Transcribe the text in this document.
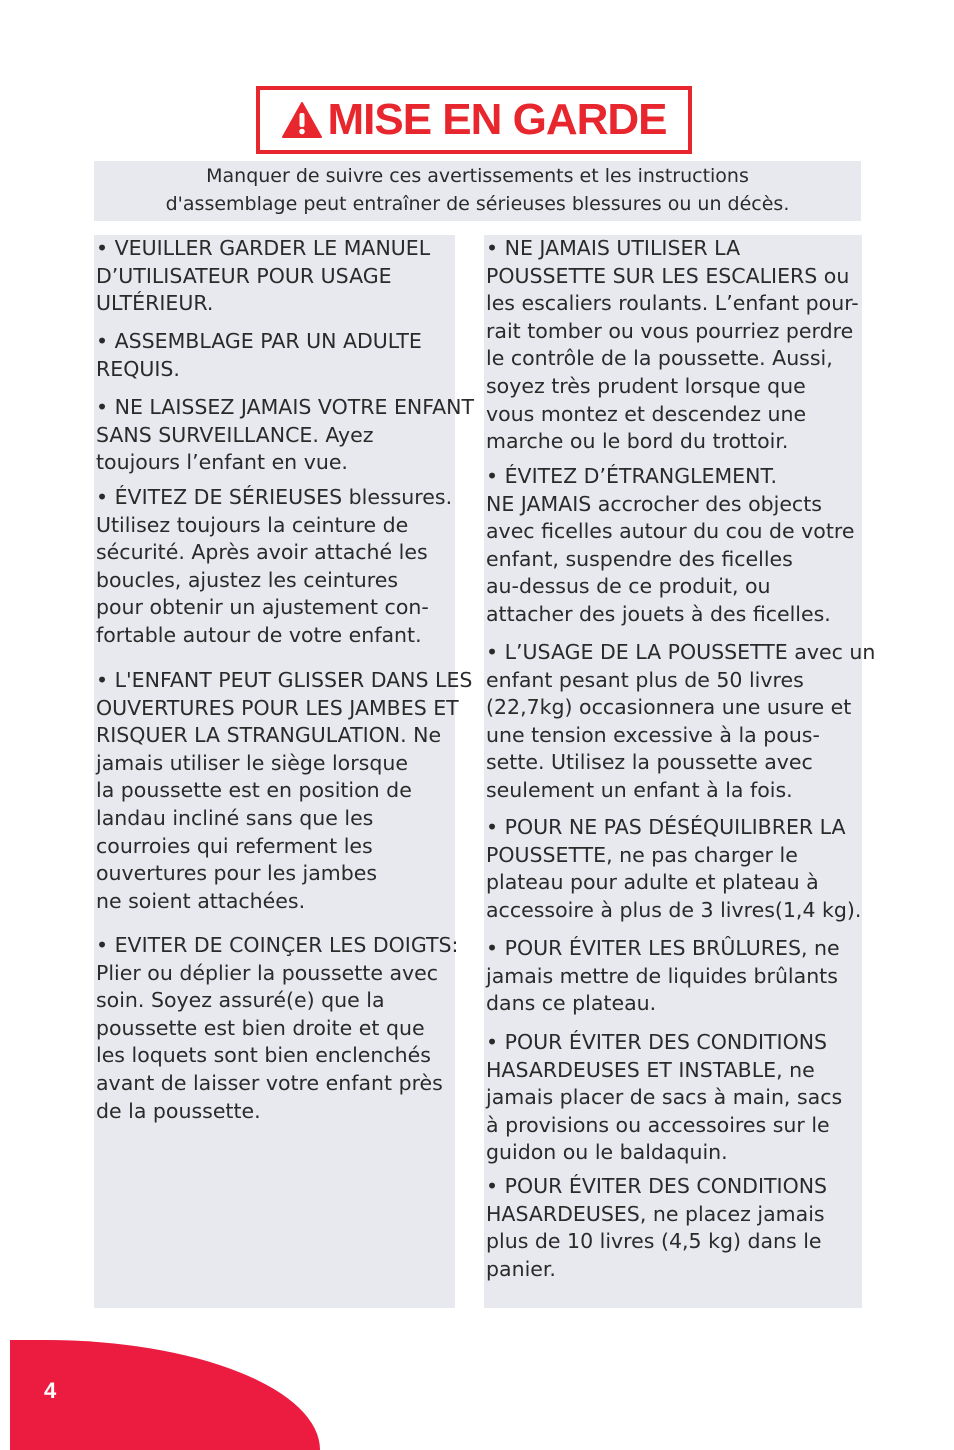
MISE EN GARDE
Manquer de suivre ces avertissements et les instructions
d'assemblage peut entraîner de sérieuses blessures ou un décès.
• VEUILLER GARDER LE MANUEL
D’UTILISATEUR POUR USAGE
ULTÉRIEUR.
• ASSEMBLAGE PAR UN ADULTE
REQUIS.
• NE LAISSEZ JAMAIS VOTRE ENFANT
SANS SURVEILLANCE. Ayez
toujours l’enfant en vue.
• ÉVITEZ DE SÉRIEUSES blessures.
Utilisez toujours la ceinture de
sécurité. Après avoir attaché les
boucles, ajustez les ceintures
pour obtenir un ajustement con-
fortable autour de votre enfant.
• L'ENFANT PEUT GLISSER DANS LES
OUVERTURES POUR LES JAMBES ET
RISQUER LA STRANGULATION. Ne
jamais utiliser le siège lorsque
la poussette est en position de
landau incliné sans que les
courroies qui referment les
ouvertures pour les jambes
ne soient attachées.
• EVITER DE COINÇER LES DOIGTS:
Plier ou déplier la poussette avec
soin. Soyez assuré(e) que la
poussette est bien droite et que
les loquets sont bien enclenchés
avant de laisser votre enfant près
de la poussette.
• NE JAMAIS UTILISER LA
POUSSETTE SUR LES ESCALIERS ou
les escaliers roulants. L’enfant pour-
rait tomber ou vous pourriez perdre
le contrôle de la poussette. Aussi,
soyez très prudent lorsque que
vous montez et descendez une
marche ou le bord du trottoir.
• ÉVITEZ D’ÉTRANGLEMENT.
NE JAMAIS accrocher des objects
avec ficelles autour du cou de votre
enfant, suspendre des ficelles
au-dessus de ce produit, ou
attacher des jouets à des ficelles.
• L’USAGE DE LA POUSSETTE avec un
enfant pesant plus de 50 livres
(22,7kg) occasionnera une usure et
une tension excessive à la pous-
sette. Utilisez la poussette avec
seulement un enfant à la fois.
• POUR NE PAS DÉSÉQUILIBRER LA
POUSSETTE, ne pas charger le
plateau pour adulte et plateau à
accessoire à plus de 3 livres(1,4 kg).
• POUR ÉVITER LES BRÛLURES, ne
jamais mettre de liquides brûlants
dans ce plateau.
• POUR ÉVITER DES CONDITIONS
HASARDEUSES ET INSTABLE, ne
jamais placer de sacs à main, sacs
à provisions ou accessoires sur le
guidon ou le baldaquin.
• POUR ÉVITER DES CONDITIONS
HASARDEUSES, ne placez jamais
plus de 10 livres (4,5 kg) dans le
panier.
4
